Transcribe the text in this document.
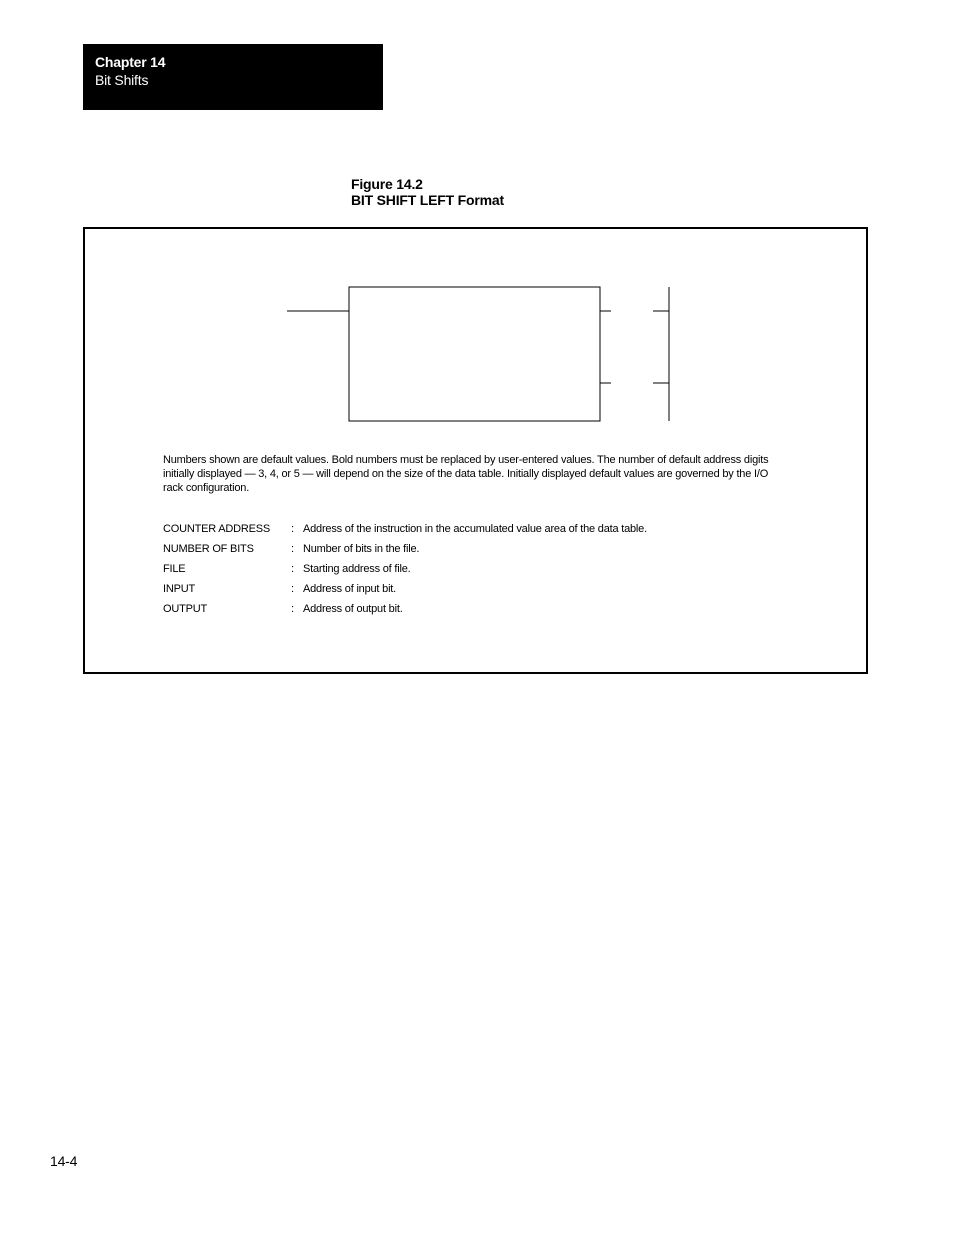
Chapter 14
Bit Shifts
Figure 14.2
BIT SHIFT LEFT Format
Numbers shown are default values. Bold numbers must be replaced by user-entered values. The number of default address digits initially displayed — 3, 4, or 5 — will depend on the size of the data table. Initially displayed default values are governed by the I/O rack configuration.
COUNTER ADDRESS : Address of the instruction in the accumulated value area of the data table.
NUMBER OF BITS	: Number of bits in the file.
FILE	: Starting address of file.
INPUT	: Address of input bit.
OUTPUT	: Address of output bit.
14-4
